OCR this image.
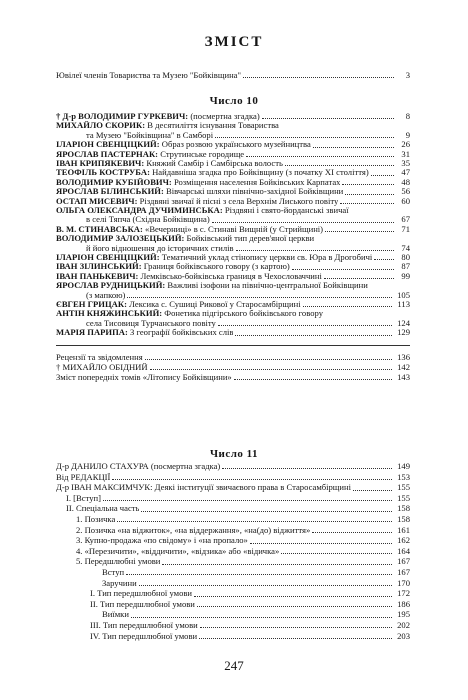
ЗМІСТ
Ювілеї членів Товариства та Музею "Бойківщина"	3
Число 10
† Д-р ВОЛОДИМИР ГУРКЕВИЧ: (посмертна згадка)	8
МИХАЙЛО СКОРИК: В десятиліття існування Товариства
та Музею "Бойківщина" в Самборі	9
ІЛАРІОН СВЕНЦІЦКИЙ: Образ розвою українського музейництва	26
ЯРОСЛАВ ПАСТЕРНАК: Струтинське городище	31
ІВАН КРИПЯКЕВИЧ: Княжий Самбір і Самбірська волость	35
ТЕОФІЛЬ КОСТРУБА: Найдавніша згадка про Бойківщину (з початку XI століття)	47
ВОЛОДИМИР КУБІЙОВИЧ: Розміщення населення Бойківських Карпатах	48
ЯРОСЛАВ БІЛИНСЬКИЙ: Вівчарські шляхи північно-західної Бойківщини	56
ОСТАП МИСЕВИЧ: Різдвяні звичаї й пісні з села Верхнім Лиського повіту	60
ОЛЬГА ОЛЕКСАНДРА ДУЧИМИНСЬКА: Різдвяні і свято-йорданські звичаї
в селі Тяпча (Східна Бойківщина)	67
В. М. СТИНАВСЬКА: «Вечерниці» в с. Стинаві Вищній (у Стрийщині)	71
ВОЛОДИМИР ЗАЛОЗЕЦЬКИЙ: Бойківський тип дерев'яної церкви
й його відношення до історичних стилів	74
ІЛАРІОН СВЕНЦІЦКИЙ: Тематичний уклад стінопису церкви св. Юра в Дрогобичі	80
ІВАН ЗІЛИНСЬКИЙ: Границя бойківського говору (з картою)	87
ІВАН ПАНЬКЕВИЧ: Лемківсько-бойківська границя в Чехословаччині	99
ЯРОСЛАВ РУДНИЦЬКИЙ: Важливі ізофони на північно-центральної Бойківщини
(з мапкою)	105
ЄВГЕН ГРИЦАК: Лексика с. Сушиці Рикової у Старосамбірщині	113
АНТІН КНЯЖИНСЬКИЙ: Фонетика підгірського бойківського говору
села Тисовиця Турчанського повіту	124
МАРІЯ ПАРИПА: З географії бойківських слів	129
Рецензії та звідомлення	136
† МИХАЙЛО ОБІДНИЙ	142
Зміст попередніх томів «Літопису Бойківщини»	143
Число 11
Д-р ДАНИЛО СТАХУРА (посмертна згадка)	149
Від РЕДАКЦІЇ	153
Д-р ІВАН МАКСИМЧУК: Деякі інституції звичаєвого права в Старосамбірщині	155
І. [Вступ]	155
ІІ. Спеціальна часть	158
1. Позичка	158
2. Позичка «на віджиток», «на віддержання», «на(до) віджиття»	161
3. Купно-продажа «по свідому» і «на пропало»	162
4. «Перезичити», «віддичити», «відзика» або «відичка»	164
5. Передшлюбні умови	167
Вступ	167
Заручини	170
І. Тип передшлюбної умови	172
ІІ. Тип передшлюбної умови	186
Виїмки	195
ІІІ. Тип передшлюбної умови	202
IV. Тип передшлюбної умови	203
247
